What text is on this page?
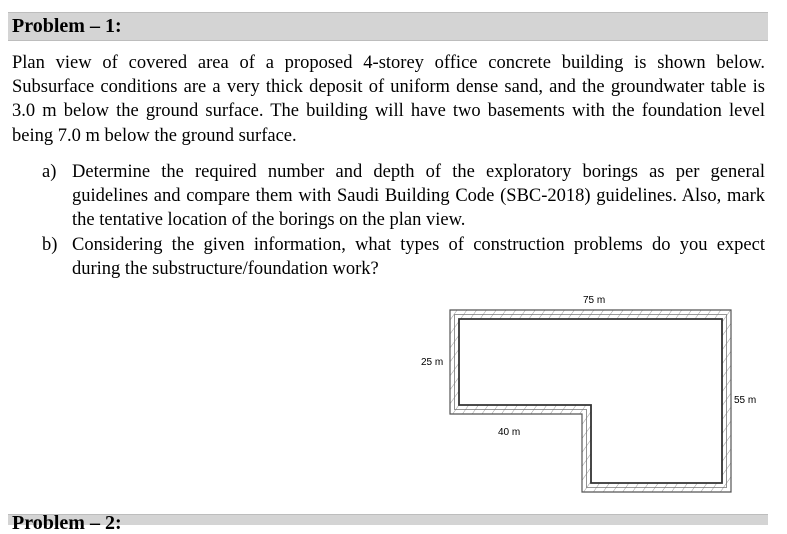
Problem – 1:
Plan view of covered area of a proposed 4-storey office concrete building is shown below. Subsurface conditions are a very thick deposit of uniform dense sand, and the groundwater table is 3.0 m below the ground surface. The building will have two basements with the foundation level being 7.0 m below the ground surface.
a) Determine the required number and depth of the exploratory borings as per general guidelines and compare them with Saudi Building Code (SBC-2018) guidelines. Also, mark the tentative location of the borings on the plan view.
b) Considering the given information, what types of construction problems do you expect during the substructure/foundation work?
75 m
25 m
55 m
40 m
Problem – 2:
